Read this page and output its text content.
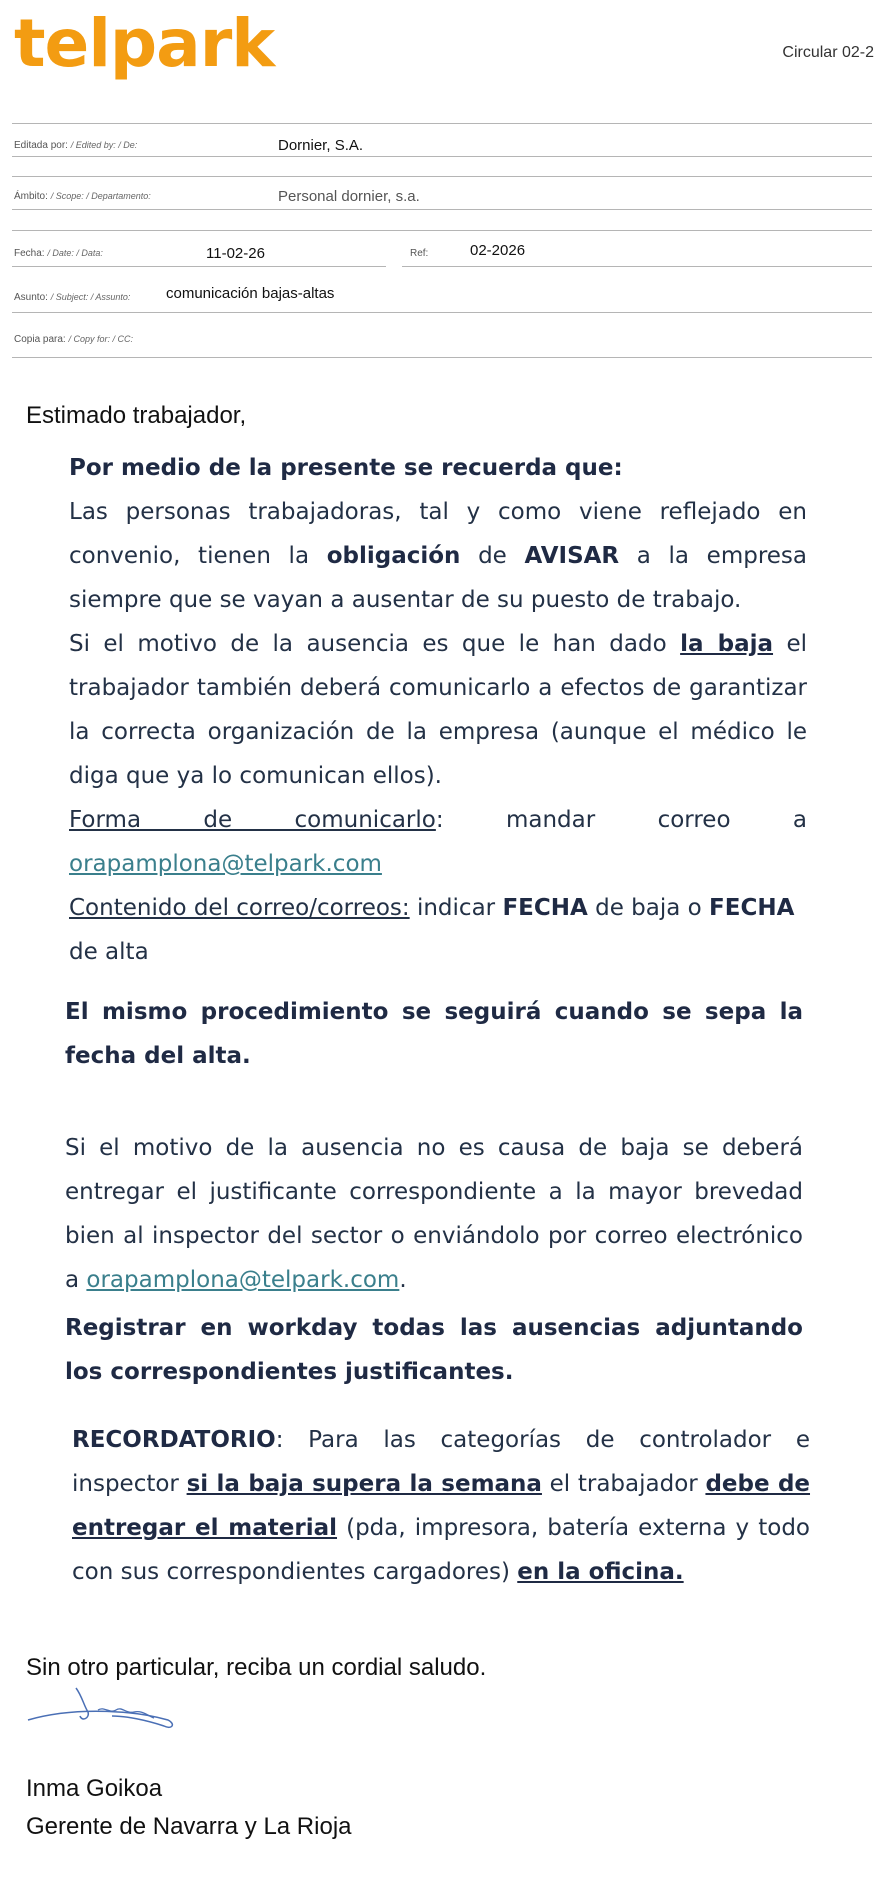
telpark	Circular 02-2
Editada por: / Edited by: / De:	Dornier, S.A.
Ámbito: / Scope: / Departamento:	Personal dornier, s.a.
Fecha: / Date: / Data:	11-02-26	Ref:	02-2026
Asunto: / Subject: / Assunto: comunicación bajas-altas
Copia para: / Copy for: / CC:
Estimado trabajador,

Por medio de la presente se recuerda que:

Las personas trabajadoras, tal y como viene reflejado en convenio, tienen la obligación de AVISAR a la empresa siempre que se vayan a ausentar de su puesto de trabajo.

Si el motivo de la ausencia es que le han dado la baja el trabajador también deberá comunicarlo a efectos de garantizar la correcta organización de la empresa (aunque el médico le diga que ya lo comunican ellos).

Forma de comunicarlo: mandar correo a orapamplona@telpark.com

Contenido del correo/correos: indicar FECHA de baja o FECHA de alta

El mismo procedimiento se seguirá cuando se sepa la fecha del alta.

Si el motivo de la ausencia no es causa de baja se deberá entregar el justificante correspondiente a la mayor brevedad bien al inspector del sector o enviándolo por correo electrónico a orapamplona@telpark.com.

Registrar en workday todas las ausencias adjuntando los correspondientes justificantes.

RECORDATORIO: Para las categorías de controlador e inspector si la baja supera la semana el trabajador debe de entregar el material (pda, impresora, batería externa y todo con sus correspondientes cargadores) en la oficina.

Sin otro particular, reciba un cordial saludo.
Inma Goikoa
Gerente de Navarra y La Rioja
